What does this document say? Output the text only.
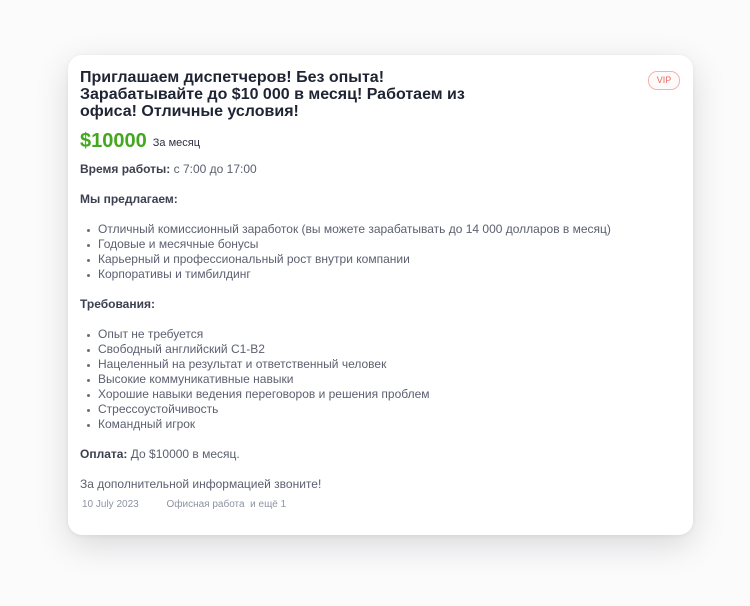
VIP
Приглашаем диспетчеров! Без опыта! Зарабатывайте до $10 000 в месяц! Работаем из офиса! Отличные условия!
$10000 За месяц
Время работы: с 7:00 до 17:00
Мы предлагаем:
Отличный комиссионный заработок (вы можете зарабатывать до 14 000 долларов в месяц)
Годовые и месячные бонусы
Карьерный и профессиональный рост внутри компании
Корпоративы и тимбилдинг
Требования:
Опыт не требуется
Свободный английский С1-В2
Нацеленный на результат и ответственный человек
Высокие коммуникативные навыки
Хорошие навыки ведения переговоров и решения проблем
Стрессоустойчивость
Командный игрок
Оплата: До $10000 в месяц.
За дополнительной информацией звоните!
10 July 2023	Офисная работа  и ещё 1
